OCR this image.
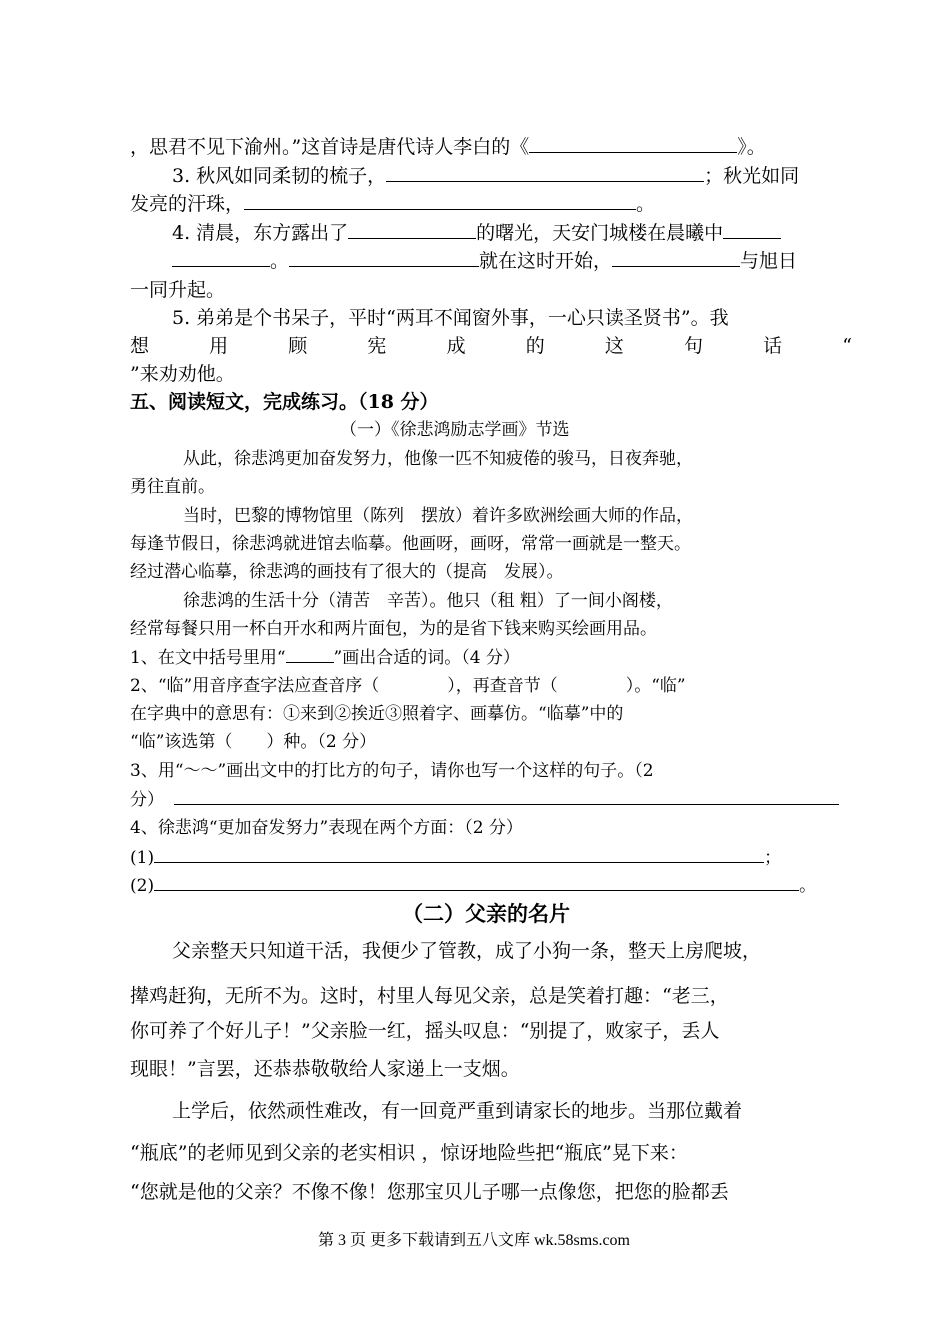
，思君不见下渝州。”这首诗是唐代诗人李白的《	》。
3. 秋风如同柔韧的梳子，	；秋光如同
发亮的汗珠，	。
4. 清晨，东方露出了	的曙光，天安门城楼在晨曦中
。	就在这时开始，	与旭日
一同升起。
5. 弟弟是个书呆子，平时“两耳不闻窗外事，一心只读圣贤书”。我
想	用	顾	宪	成	的	这	句	话	“
”来劝劝他。
五、阅读短文，完成练习。（18 分）
（一）《徐悲鸿励志学画》节选
从此，徐悲鸿更加奋发努力，他像一匹不知疲倦的骏马，日夜奔驰，
勇往直前。
当时，巴黎的博物馆里（陈列　摆放）着许多欧洲绘画大师的作品，
每逢节假日，徐悲鸿就进馆去临摹。他画呀，画呀，常常一画就是一整天。
经过潜心临摹，徐悲鸿的画技有了很大的（提高　发展）。
徐悲鸿的生活十分（清苦　辛苦）。他只（租 粗）了一间小阁楼，
经常每餐只用一杯白开水和两片面包，为的是省下钱来购买绘画用品。
1、在文中括号里用“	”画出合适的词。（4 分）
2、“临”用音序查字法应查音序（　　　　），再查音节（　　　　）。“临”
在字典中的意思有：①来到②挨近③照着字、画摹仿。“临摹”中的
“临”该选第（　　）种。（2 分）
3、用“～～”画出文中的打比方的句子，请你也写一个这样的句子。（2
分）
4、徐悲鸿“更加奋发努力”表现在两个方面：（2 分）
(1)	；
(2)	。
（二）父亲的名片
父亲整天只知道干活，我便少了管教，成了小狗一条，整天上房爬坡，
撵鸡赶狗，无所不为。这时，村里人每见父亲，总是笑着打趣：“老三，
你可养了个好儿子！”父亲脸一红，摇头叹息：“别提了，败家子，丢人
现眼！”言罢，还恭恭敬敬给人家递上一支烟。
上学后，依然顽性难改，有一回竟严重到请家长的地步。当那位戴着
“瓶底”的老师见到父亲的老实相识 ，惊讶地险些把“瓶底”晃下来：
“您就是他的父亲？不像不像！您那宝贝儿子哪一点像您，把您的脸都丢
第 3 页 更多下载请到五八文库 wk.58sms.com
